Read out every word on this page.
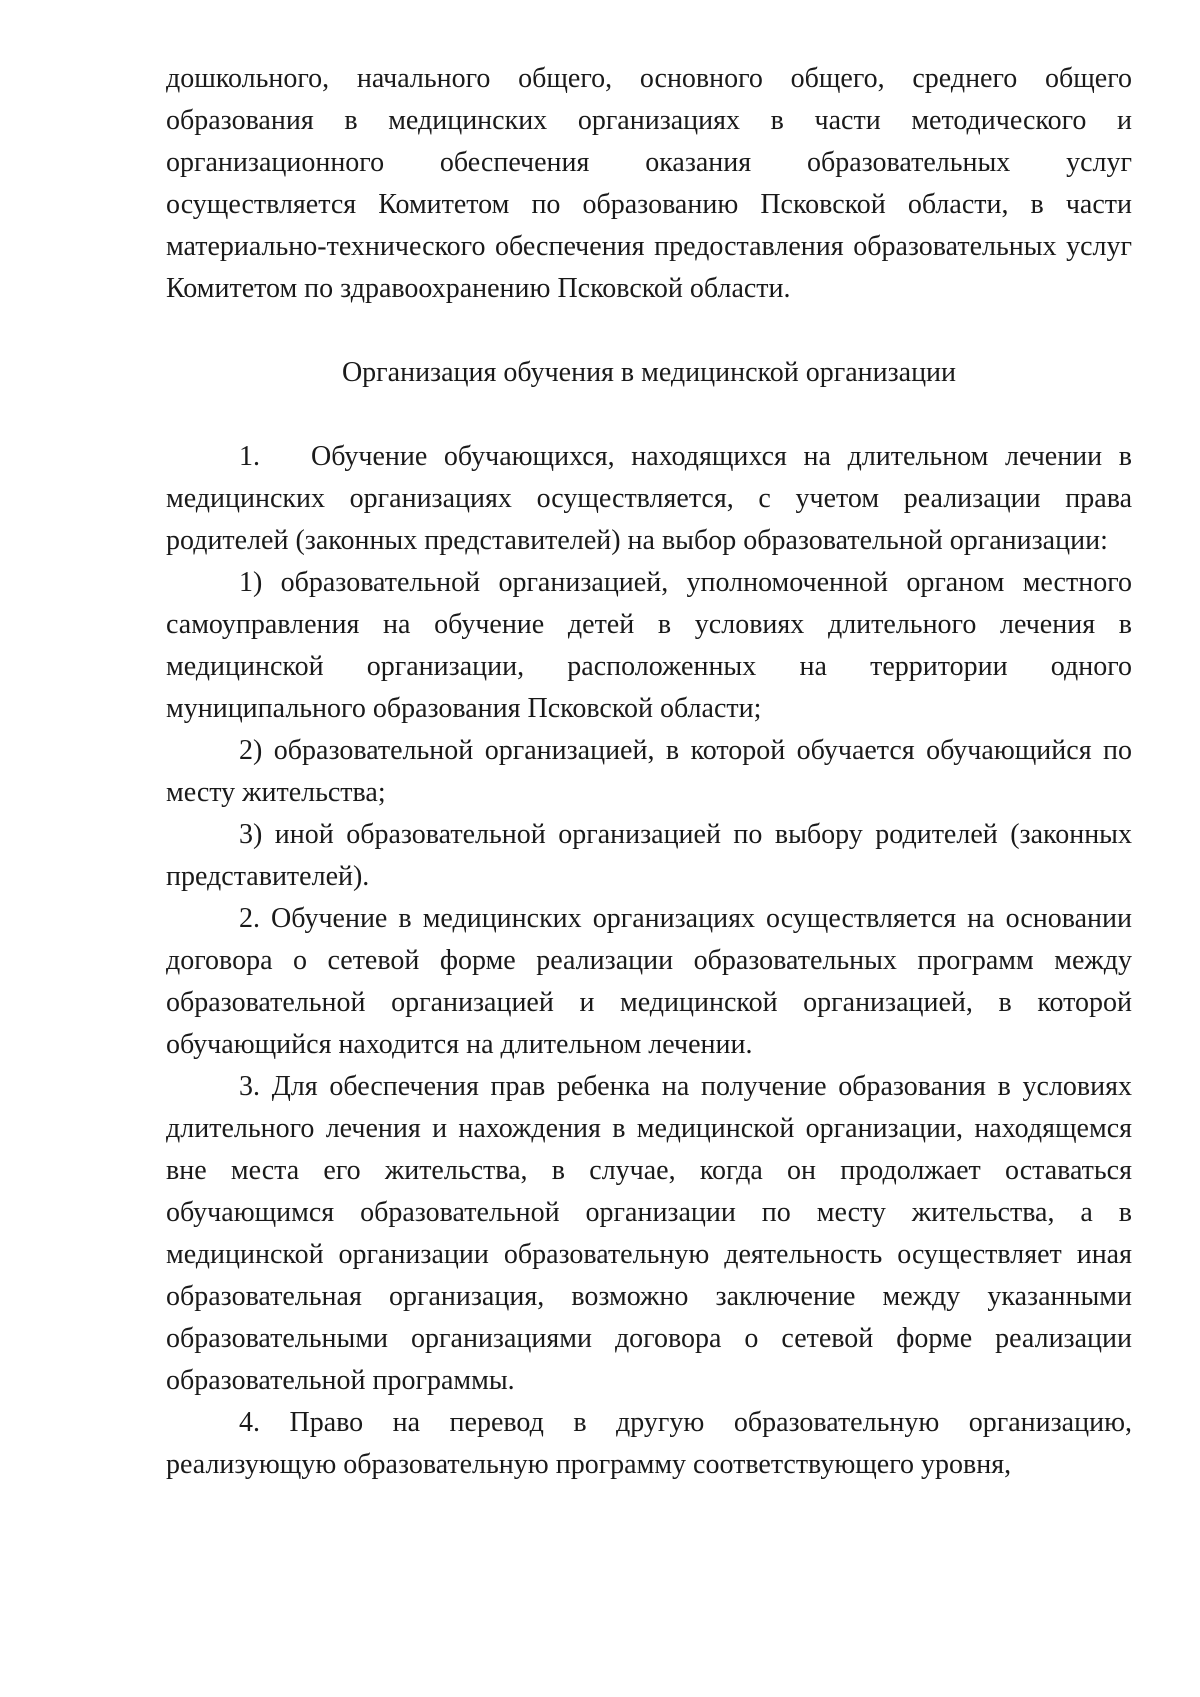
дошкольного, начального общего, основного общего, среднего общего образования в медицинских организациях в части методического и организационного обеспечения оказания образовательных услуг осуществляется Комитетом по образованию Псковской области, в части материально-технического обеспечения предоставления образовательных услуг Комитетом по здравоохранению Псковской области.

Организация обучения в медицинской организации

1. Обучение обучающихся, находящихся на длительном лечении в медицинских организациях осуществляется, с учетом реализации права родителей (законных представителей) на выбор образовательной организации:

1) образовательной организацией, уполномоченной органом местного самоуправления на обучение детей в условиях длительного лечения в медицинской организации, расположенных на территории одного муниципального образования Псковской области;

2) образовательной организацией, в которой обучается обучающийся по месту жительства;

3) иной образовательной организацией по выбору родителей (законных представителей).

2. Обучение в медицинских организациях осуществляется на основании договора о сетевой форме реализации образовательных программ между образовательной организацией и медицинской организацией, в которой обучающийся находится на длительном лечении.

3. Для обеспечения прав ребенка на получение образования в условиях длительного лечения и нахождения в медицинской организации, находящемся вне места его жительства, в случае, когда он продолжает оставаться обучающимся образовательной организации по месту жительства, а в медицинской организации образовательную деятельность осуществляет иная образовательная организация, возможно заключение между указанными образовательными организациями договора о сетевой форме реализации образовательной программы.

4. Право на перевод в другую образовательную организацию, реализующую образовательную программу соответствующего уровня,
